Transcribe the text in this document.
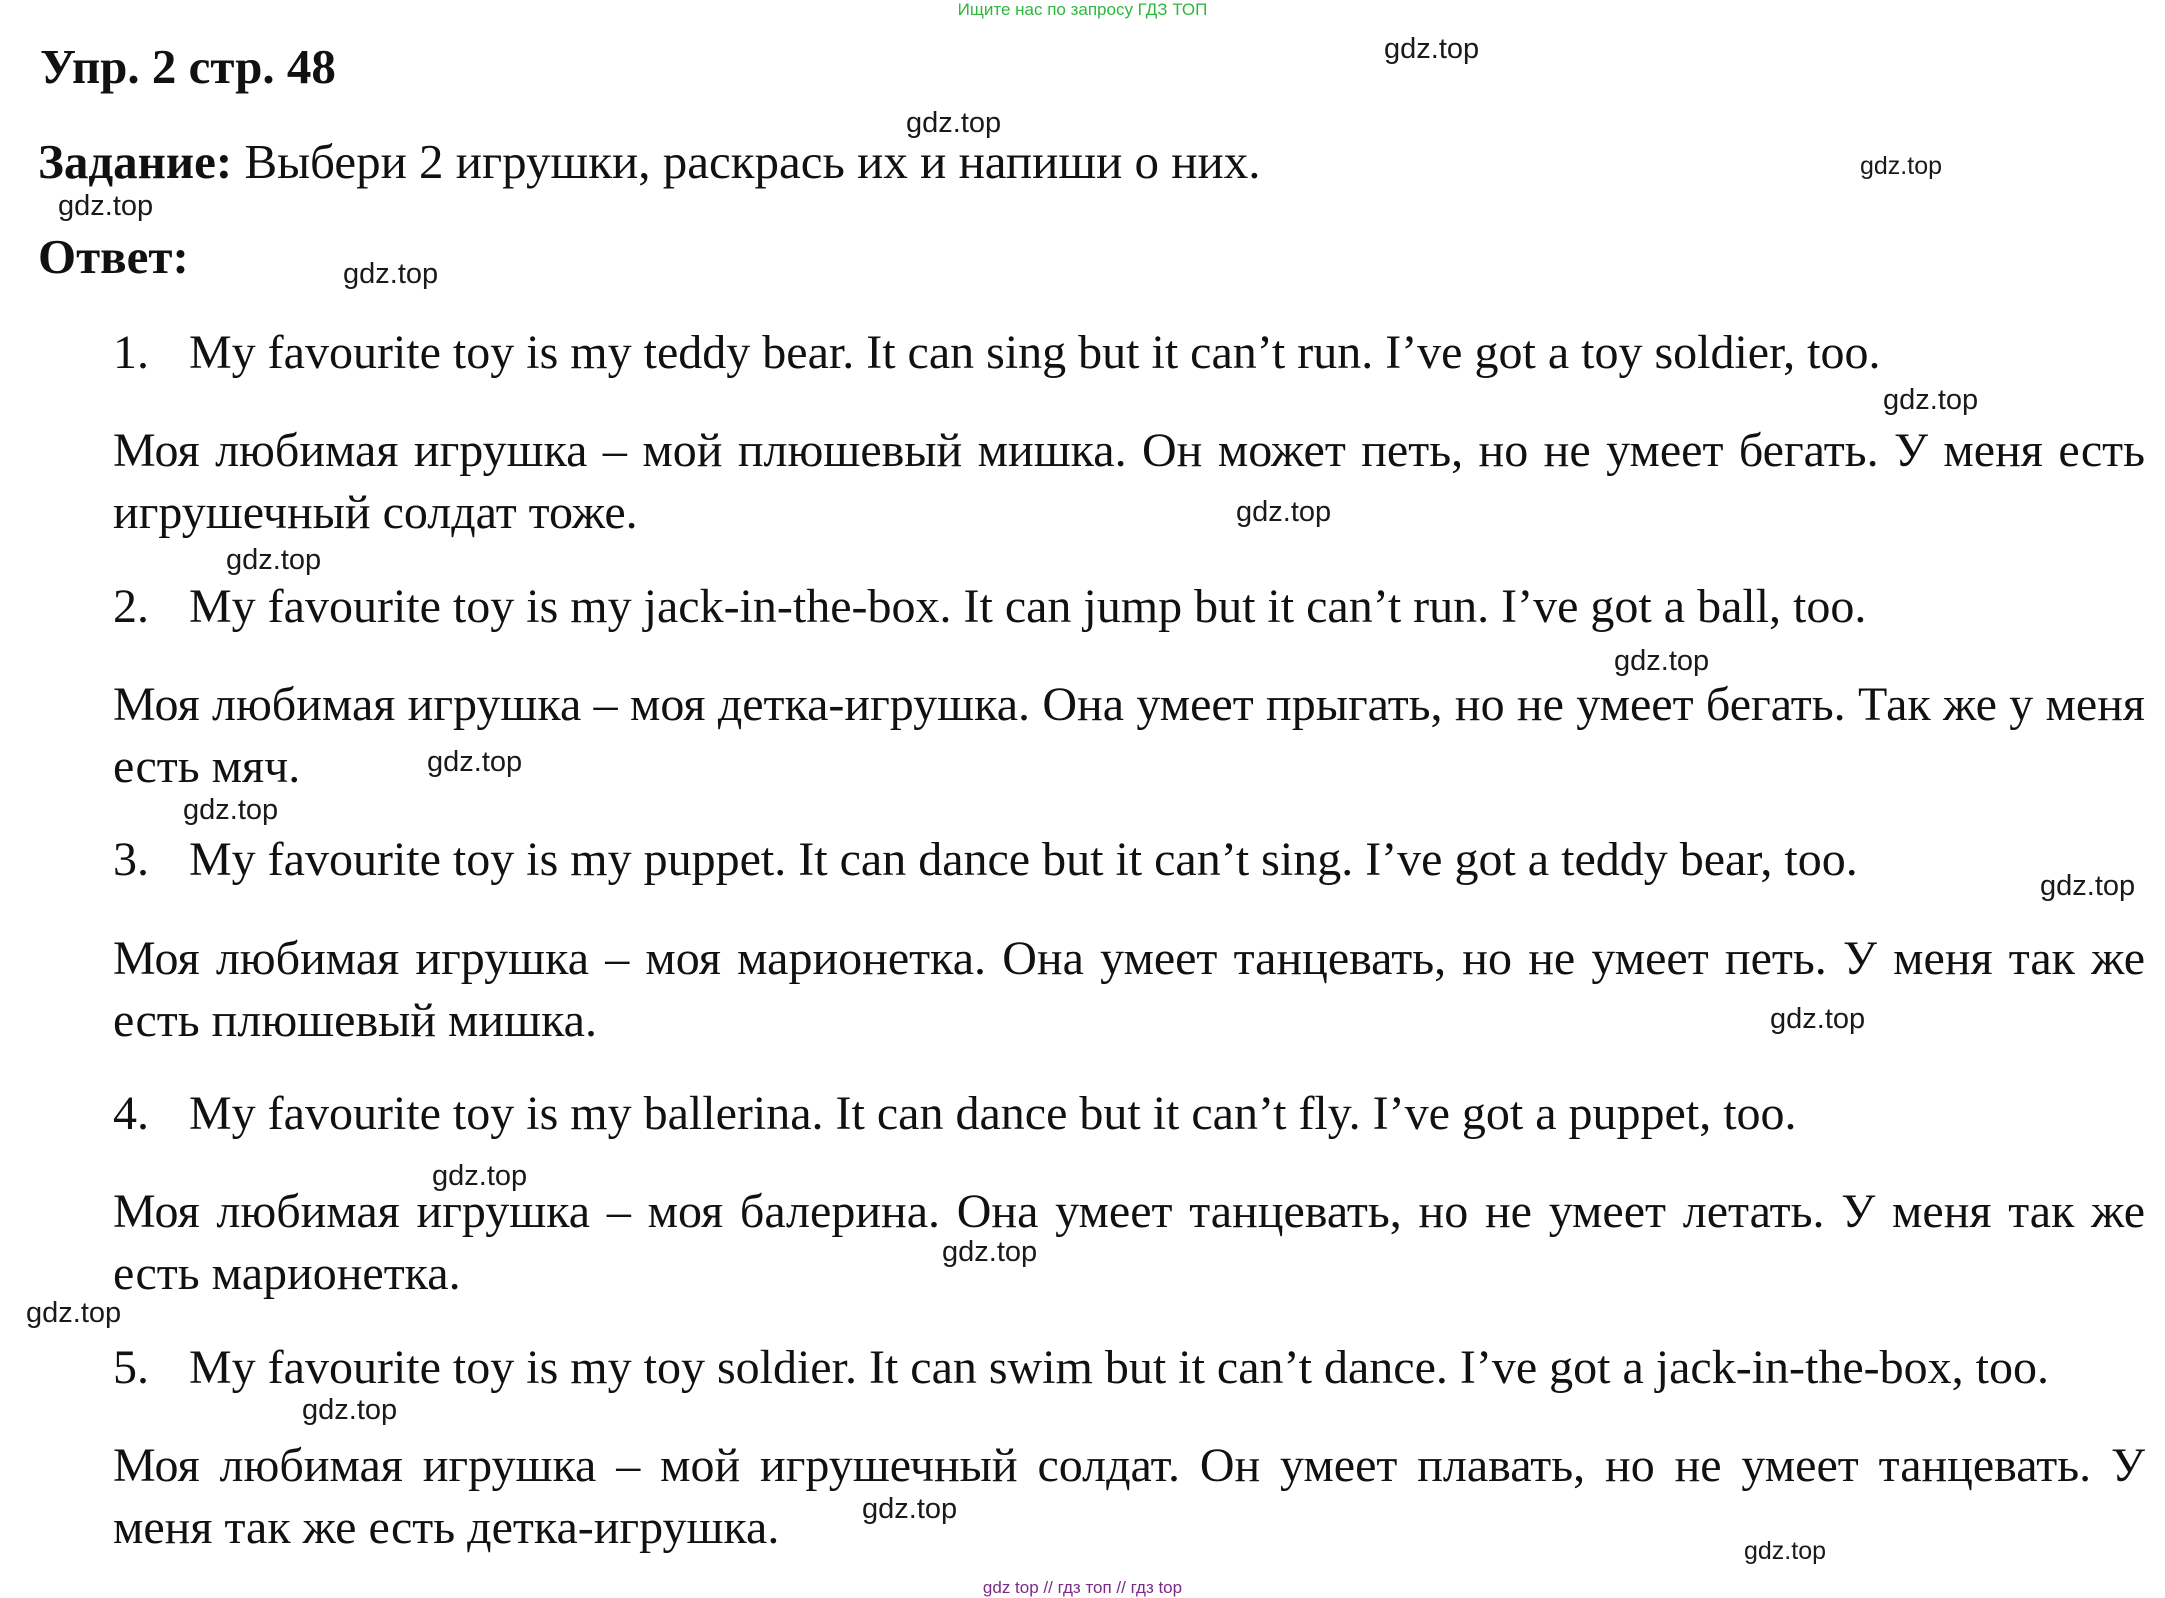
Ищите нас по запросу ГДЗ ТОП
Упр. 2 стр. 48
Задание: Выбери 2 игрушки, раскрась их и напиши о них.
Ответ:
1. My favourite toy is my teddy bear. It can sing but it can’t run. I’ve got a toy soldier, too.
Моя любимая игрушка – мой плюшевый мишка. Он может петь, но не умеет бегать. У меня есть игрушечный солдат тоже.
2. My favourite toy is my jack-in-the-box. It can jump but it can’t run. I’ve got a ball, too.
Моя любимая игрушка – моя детка-игрушка. Она умеет прыгать, но не умеет бегать. Так же у меня есть мяч.
3. My favourite toy is my puppet. It can dance but it can’t sing. I’ve got a teddy bear, too.
Моя любимая игрушка – моя марионетка. Она умеет танцевать, но не умеет петь. У меня так же есть плюшевый мишка.
4. My favourite toy is my ballerina. It can dance but it can’t fly. I’ve got a puppet, too.
Моя любимая игрушка – моя балерина. Она умеет танцевать, но не умеет летать. У меня так же есть марионетка.
5. My favourite toy is my toy soldier. It can swim but it can’t dance. I’ve got a jack-in-the-box, too.
Моя любимая игрушка – мой игрушечный солдат. Он умеет плавать, но не умеет танцевать. У меня так же есть детка-игрушка.
gdz.top
gdz.top
gdz.top
gdz.top
gdz.top
gdz.top
gdz.top
gdz.top
gdz.top
gdz.top
gdz.top
gdz.top
gdz.top
gdz.top
gdz.top
gdz.top
gdz.top
gdz.top
gdz.top
gdz top // гдз топ // гдз top
